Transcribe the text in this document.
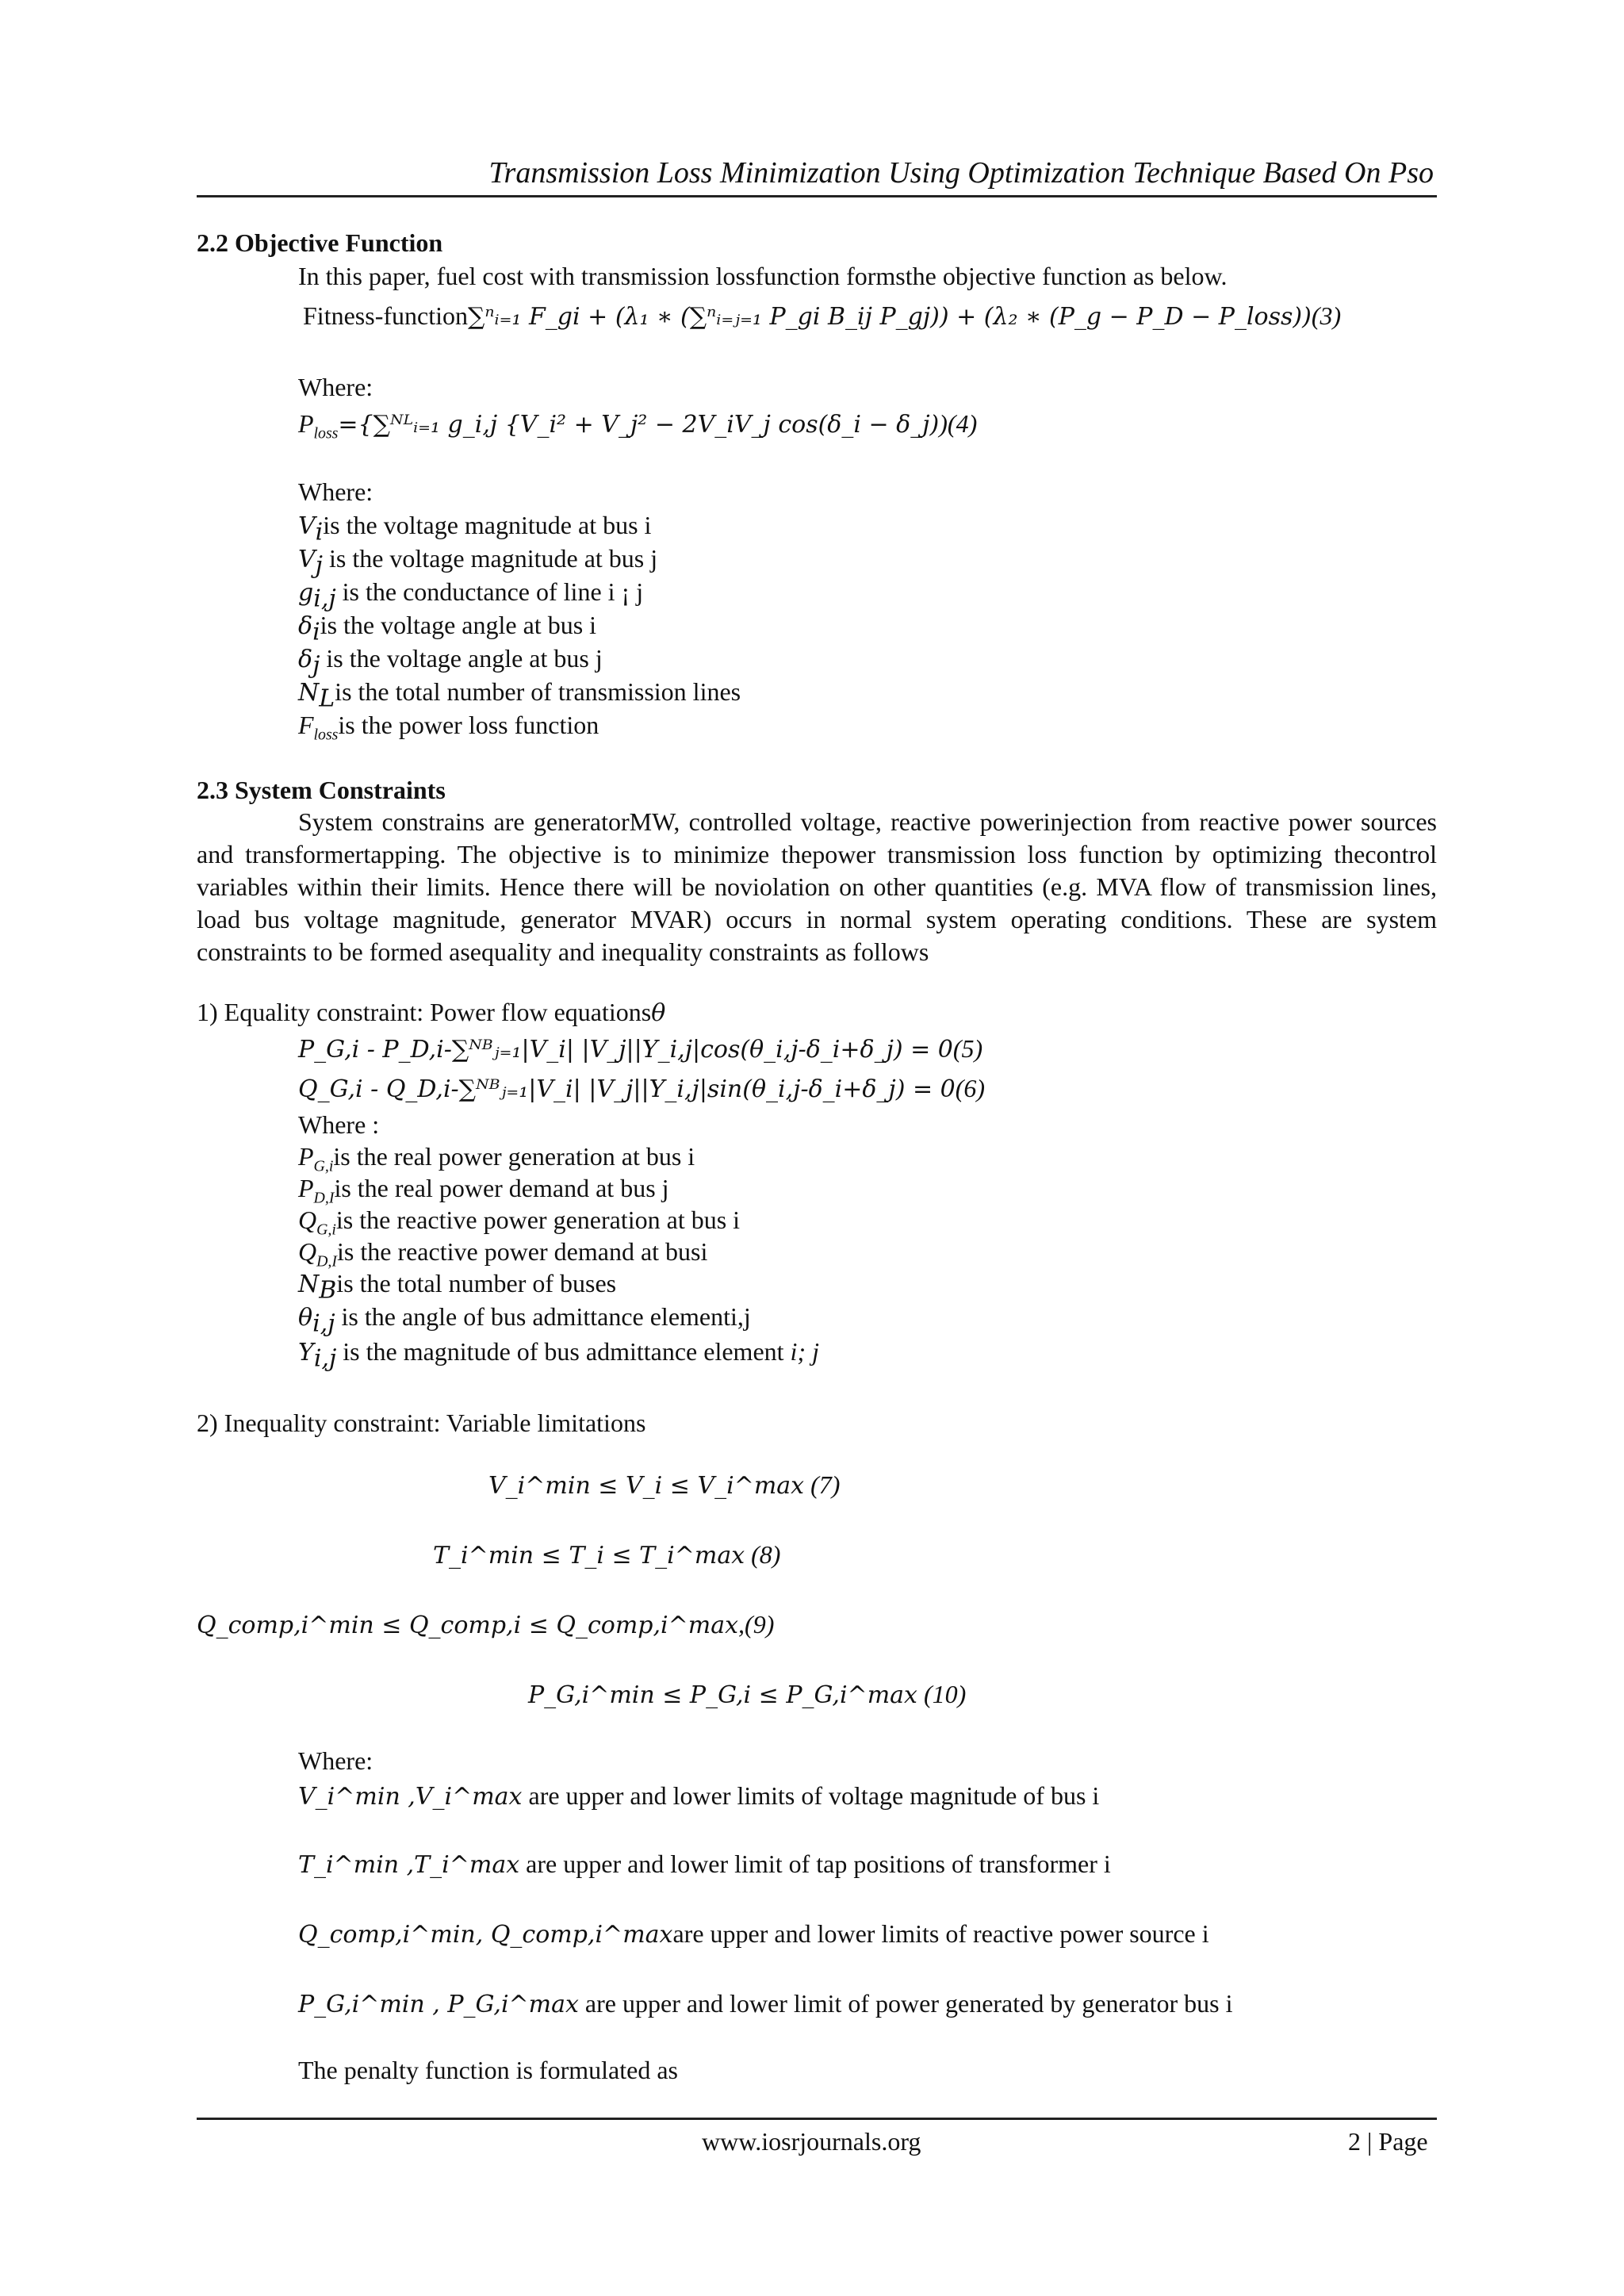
Transmission Loss Minimization Using Optimization Technique Based On Pso
2.2 Objective Function
In this paper, fuel cost with transmission lossfunction formsthe objective function as below.
Fitness-function∑ⁿᵢ₌₁ F_gi + (λ₁ ∗ (∑ⁿᵢ₌ⱼ₌₁ P_gi B_ij P_gj)) + (λ₂ ∗ (P_g − P_D − P_loss))(3)
Where:
$P_{loss}=\{\sum ᴺᴸᵢ_{=1}$ g_i,j {V_i² + V_j² − 2V_iV_j cos(δ_i − δ_j))(4)
Where:
$V_iis$ the voltage magnitude at bus i
$V_j$ is the voltage magnitude at bus j
$g_{i,j}$ is the conductance of line i ¡ j
$\delta_iis$ the voltage angle at bus i
$\delta_j$ is the voltage angle at bus j
$N_Lis$ the total number of transmission lines
$F_{loss}is$ the power loss function
2.3 System Constraints
System constrains are generatorMW, controlled voltage, reactive powerinjection from reactive power sources and transformertapping. The objective is to minimize thepower transmission loss function by optimizing thecontrol variables within their limits. Hence there will be noviolation on other quantities (e.g. MVA flow of transmission lines, load bus voltage magnitude, generator MVAR) occurs in normal system operating conditions. These are system constraints to be formed asequality and inequality constraints as follows
1) Equality constraint: Power flow equationsθ
P_G,i - P_D,i-∑ᴺᴮⱼ₌₁|V_i| |V_j||Y_i,j|cos(θ_i,j-δ_i+δ_j) = 0(5)
Q_G,i - Q_D,i-∑ᴺᴮⱼ₌₁|V_i| |V_j||Y_i,j|sin(θ_i,j-δ_i+δ_j) = 0(6)
Where :
$P_{G,i}is$ the real power generation at bus i
$P_{D,I}is$ the real power demand at bus j
$Q_{G,i}is$ the reactive power generation at bus i
$Q_{D,I}is$ the reactive power demand at busi
$N_Bis$ the total number of buses
$\theta_{i,j}$ is the angle of bus admittance elementi,j
$Y_{i,j}$ is the magnitude of bus admittance element i; j
2) Inequality constraint: Variable limitations
V_i^min ≤ V_i ≤ V_i^max (7)
T_i^min ≤ T_i ≤ T_i^max (8)
Q_comp,i^min ≤ Q_comp,i ≤ Q_comp,i^max,(9)
P_G,i^min ≤ P_G,i ≤ P_G,i^max (10)
Where:
V_i^min ,V_i^max are upper and lower limits of voltage magnitude of bus i
T_i^min ,T_i^max are upper and lower limit of tap positions of transformer i
Q_comp,i^min, Q_comp,i^maxare upper and lower limits of reactive power source i
P_G,i^min , P_G,i^max are upper and lower limit of power generated by generator bus i
The penalty function is formulated as
www.iosrjournals.org	2 | Page
